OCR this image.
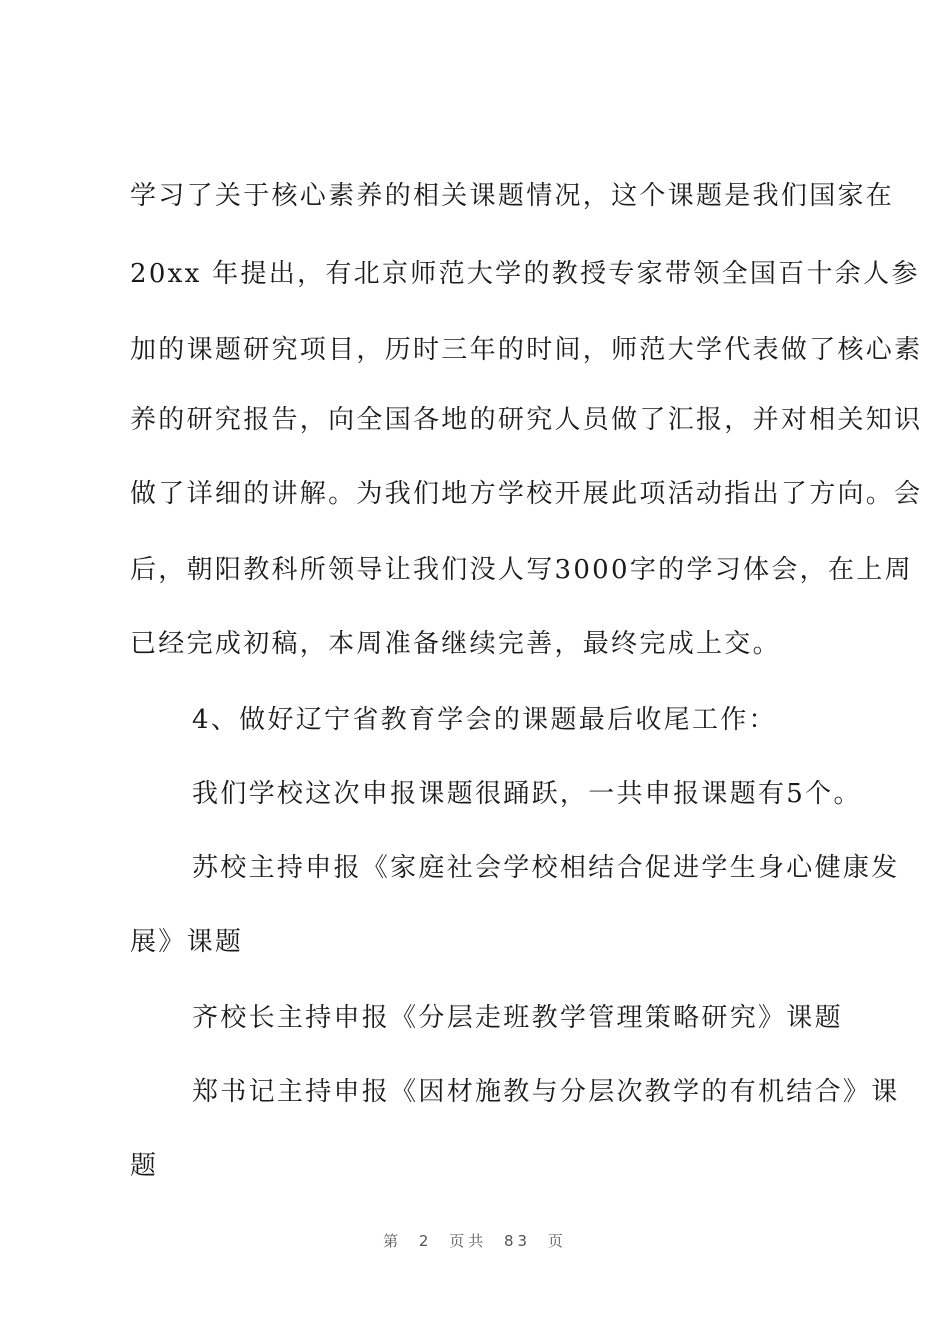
学习了关于核心素养的相关课题情况，这个课题是我们国家在
20xx 年提出，有北京师范大学的教授专家带领全国百十余人参
加的课题研究项目，历时三年的时间，师范大学代表做了核心素
养的研究报告，向全国各地的研究人员做了汇报，并对相关知识
做了详细的讲解。为我们地方学校开展此项活动指出了方向。会
后，朝阳教科所领导让我们没人写3000字的学习体会，在上周
已经完成初稿，本周准备继续完善，最终完成上交。
4、做好辽宁省教育学会的课题最后收尾工作：
我们学校这次申报课题很踊跃，一共申报课题有5个。
苏校主持申报《家庭社会学校相结合促进学生身心健康发
展》课题
齐校长主持申报《分层走班教学管理策略研究》课题
郑书记主持申报《因材施教与分层次教学的有机结合》课
题
第 2 页共 83 页
